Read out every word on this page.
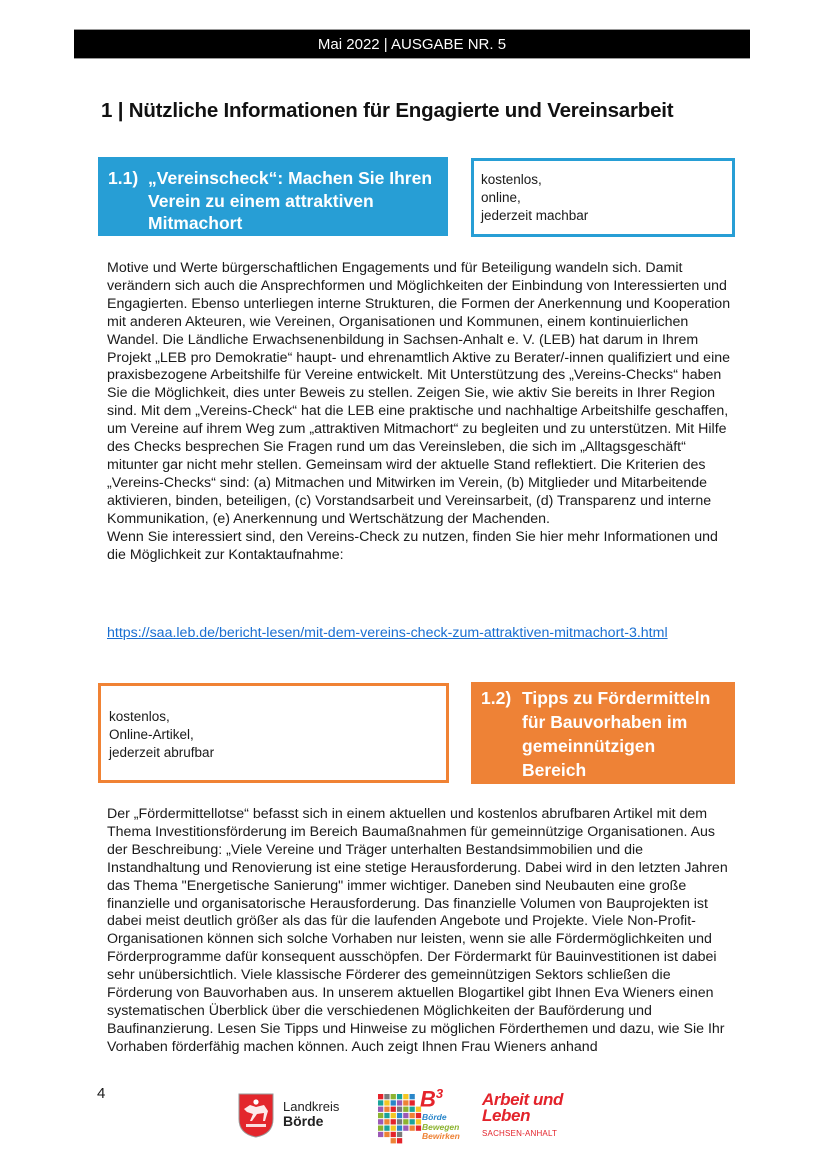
Mai 2022 | AUSGABE NR. 5
1 | Nützliche Informationen für Engagierte und Vereinsarbeit
1.1) „Vereinscheck“: Machen Sie Ihren Verein zu einem attraktiven Mitmachort
kostenlos,
online,
jederzeit machbar
Motive und Werte bürgerschaftlichen Engagements und für Beteiligung wandeln sich. Damit verändern sich auch die Ansprechformen und Möglichkeiten der Einbindung von Interessierten und Engagierten. Ebenso unterliegen interne Strukturen, die Formen der Anerkennung und Kooperation mit anderen Akteuren, wie Vereinen, Organisationen und Kommunen, einem kontinuierlichen Wandel. Die Ländliche Erwachsenenbildung in Sachsen-Anhalt e. V. (LEB) hat darum in Ihrem Projekt „LEB pro Demokratie“ haupt- und ehrenamtlich Aktive zu Berater/-innen qualifiziert und eine praxisbezogene Arbeitshilfe für Vereine entwickelt. Mit Unterstützung des „Vereins-Checks“ haben Sie die Möglichkeit, dies unter Beweis zu stellen. Zeigen Sie, wie aktiv Sie bereits in Ihrer Region sind. Mit dem „Vereins-Check“ hat die LEB eine praktische und nachhaltige Arbeitshilfe geschaffen, um Vereine auf ihrem Weg zum „attraktiven Mitmachort“ zu begleiten und zu unterstützen. Mit Hilfe des Checks besprechen Sie Fragen rund um das Vereinsleben, die sich im „Alltagsgeschäft“ mitunter gar nicht mehr stellen. Gemeinsam wird der aktuelle Stand reflektiert. Die Kriterien des „Vereins-Checks“ sind: (a) Mitmachen und Mitwirken im Verein, (b) Mitglieder und Mitarbeitende aktivieren, binden, beteiligen, (c) Vorstandsarbeit und Vereinsarbeit, (d) Transparenz und interne Kommunikation, (e) Anerkennung und Wertschätzung der Machenden.
Wenn Sie interessiert sind, den Vereins-Check zu nutzen, finden Sie hier mehr Informationen und die Möglichkeit zur Kontaktaufnahme:
https://saa.leb.de/bericht-lesen/mit-dem-vereins-check-zum-attraktiven-mitmachort-3.html
kostenlos,
Online-Artikel,
jederzeit abrufbar
1.2) Tipps zu Fördermitteln für Bauvorhaben im gemeinnützigen Bereich
Der „Fördermittellotse“ befasst sich in einem aktuellen und kostenlos abrufbaren Artikel mit dem Thema Investitionsförderung im Bereich Baumaßnahmen für gemeinnützige Organisationen. Aus der Beschreibung: „Viele Vereine und Träger unterhalten Bestandsimmobilien und die Instandhaltung und Renovierung ist eine stetige Herausforderung. Dabei wird in den letzten Jahren das Thema "Energetische Sanierung" immer wichtiger. Daneben sind Neubauten eine große finanzielle und organisatorische Herausforderung. Das finanzielle Volumen von Bauprojekten ist dabei meist deutlich größer als das für die laufenden Angebote und Projekte. Viele Non-Profit-Organisationen können sich solche Vorhaben nur leisten, wenn sie alle Fördermöglichkeiten und Förderprogramme dafür konsequent ausschöpfen. Der Fördermarkt für Bauinvestitionen ist dabei sehr unübersichtlich. Viele klassische Förderer des gemeinnützigen Sektors schließen die Förderung von Bauvorhaben aus. In unserem aktuellen Blogartikel gibt Ihnen Eva Wieners einen systematischen Überblick über die verschiedenen Möglichkeiten der Bauförderung und Baufinanzierung. Lesen Sie Tipps und Hinweise zu möglichen Förderthemen und dazu, wie Sie Ihr Vorhaben förderfähig machen können. Auch zeigt Ihnen Frau Wieners anhand
4
Landkreis
Börde
$B^3$
Börde
Bewegen
Bewirken
Arbeit und
Leben
SACHSEN-ANHALT
